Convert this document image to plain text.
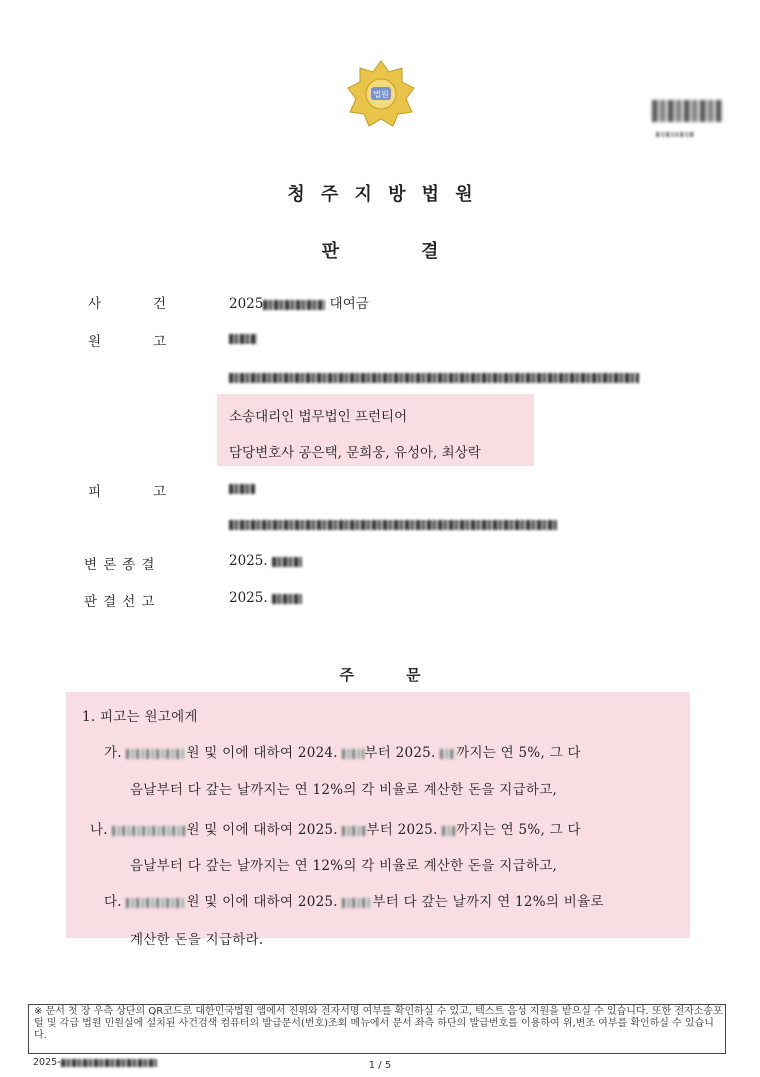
법원

청주지방법원
판	결
사	건	2025	대여금
원	고
소송대리인 법무법인 프런티어
담당변호사 공은택, 문희웅, 유성아, 최상락
피	고
변론종결	2025.
판결선고	2025.
주	문
1. 피고는 원고에게
가.	원 및 이에 대하여 2024. 부터 2025. 까지는 연 5%, 그 다
음날부터 다 갚는 날까지는 연 12%의 각 비율로 계산한 돈을 지급하고,
나.	원 및 이에 대하여 2025. 부터 2025. 까지는 연 5%, 그 다
음날부터 다 갚는 날까지는 연 12%의 각 비율로 계산한 돈을 지급하고,
다.	원 및 이에 대하여 2025.	부터 다 갚는 날까지 연 12%의 비율로
계산한 돈을 지급하라.
※ 문서 첫 장 우측 상단의 QR코드로 대한민국법원 앱에서 진위와 전자서명 여부를 확인하실 수 있고, 텍스트 음성 지원을 받으실 수 있습니다. 또한 전자소송포털 및 각급 법원 민원실에 설치된 사건검색 컴퓨터의 발급문서(번호)조회 메뉴에서 문서 좌측 하단의 발급번호를 이용하여 위,변조 여부를 확인하실 수 있습니다.
2025-	1 / 5
